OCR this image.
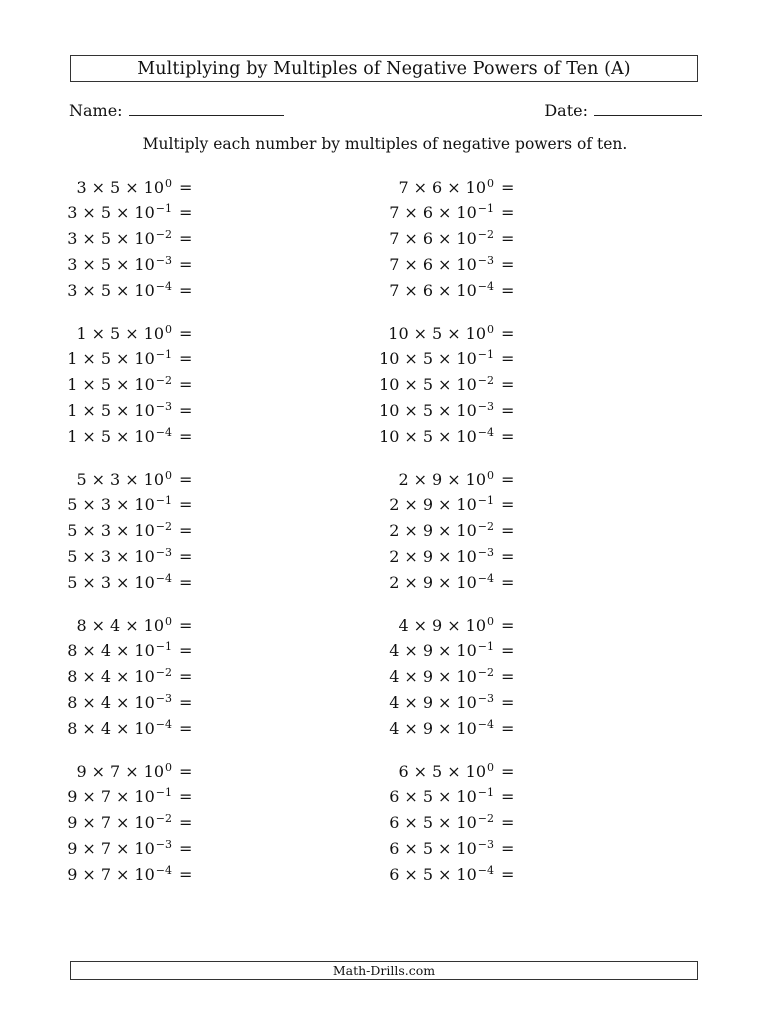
Multiplying by Multiples of Negative Powers of Ten (A)
Name:	Date:
Multiply each number by multiples of negative powers of ten.
$3 \times 5 \times 10^0$ =
$3 \times 5 \times 10^{-1}$ =
$3 \times 5 \times 10^{-2}$ =
$3 \times 5 \times 10^{-3}$ =
$3 \times 5 \times 10^{-4}$ =
$7 \times 6 \times 10^0$ =
$7 \times 6 \times 10^{-1}$ =
$7 \times 6 \times 10^{-2}$ =
$7 \times 6 \times 10^{-3}$ =
$7 \times 6 \times 10^{-4}$ =
$1 \times 5 \times 10^0$ =
$1 \times 5 \times 10^{-1}$ =
$1 \times 5 \times 10^{-2}$ =
$1 \times 5 \times 10^{-3}$ =
$1 \times 5 \times 10^{-4}$ =
$10 \times 5 \times 10^0$ =
$10 \times 5 \times 10^{-1}$ =
$10 \times 5 \times 10^{-2}$ =
$10 \times 5 \times 10^{-3}$ =
$10 \times 5 \times 10^{-4}$ =
$5 \times 3 \times 10^0$ =
$5 \times 3 \times 10^{-1}$ =
$5 \times 3 \times 10^{-2}$ =
$5 \times 3 \times 10^{-3}$ =
$5 \times 3 \times 10^{-4}$ =
$2 \times 9 \times 10^0$ =
$2 \times 9 \times 10^{-1}$ =
$2 \times 9 \times 10^{-2}$ =
$2 \times 9 \times 10^{-3}$ =
$2 \times 9 \times 10^{-4}$ =
$8 \times 4 \times 10^0$ =
$8 \times 4 \times 10^{-1}$ =
$8 \times 4 \times 10^{-2}$ =
$8 \times 4 \times 10^{-3}$ =
$8 \times 4 \times 10^{-4}$ =
$4 \times 9 \times 10^0$ =
$4 \times 9 \times 10^{-1}$ =
$4 \times 9 \times 10^{-2}$ =
$4 \times 9 \times 10^{-3}$ =
$4 \times 9 \times 10^{-4}$ =
$9 \times 7 \times 10^0$ =
$9 \times 7 \times 10^{-1}$ =
$9 \times 7 \times 10^{-2}$ =
$9 \times 7 \times 10^{-3}$ =
$9 \times 7 \times 10^{-4}$ =
$6 \times 5 \times 10^0$ =
$6 \times 5 \times 10^{-1}$ =
$6 \times 5 \times 10^{-2}$ =
$6 \times 5 \times 10^{-3}$ =
$6 \times 5 \times 10^{-4}$ =
Math-Drills.com
